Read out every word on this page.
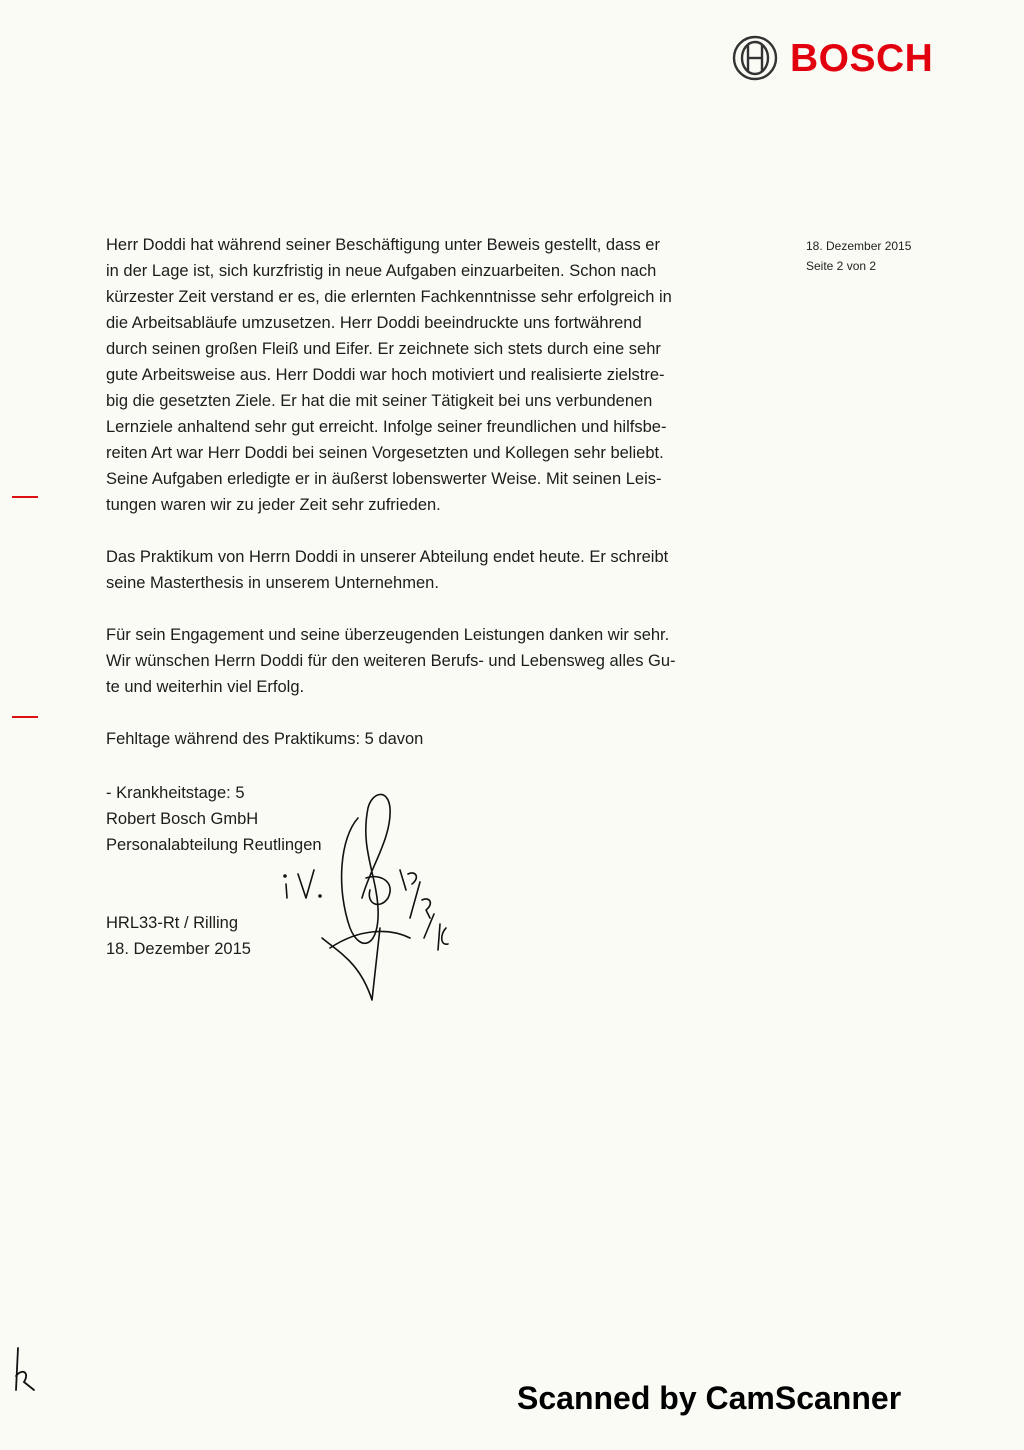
BOSCH
18. Dezember 2015
Seite 2 von 2
Herr Doddi hat während seiner Beschäftigung unter Beweis gestellt, dass er
in der Lage ist, sich kurzfristig in neue Aufgaben einzuarbeiten. Schon nach
kürzester Zeit verstand er es, die erlernten Fachkenntnisse sehr erfolgreich in
die Arbeitsabläufe umzusetzen. Herr Doddi beeindruckte uns fortwährend
durch seinen großen Fleiß und Eifer. Er zeichnete sich stets durch eine sehr
gute Arbeitsweise aus. Herr Doddi war hoch motiviert und realisierte zielstre-
big die gesetzten Ziele. Er hat die mit seiner Tätigkeit bei uns verbundenen
Lernziele anhaltend sehr gut erreicht. Infolge seiner freundlichen und hilfsbe-
reiten Art war Herr Doddi bei seinen Vorgesetzten und Kollegen sehr beliebt.
Seine Aufgaben erledigte er in äußerst lobenswerter Weise. Mit seinen Leis-
tungen waren wir zu jeder Zeit sehr zufrieden.
Das Praktikum von Herrn Doddi in unserer Abteilung endet heute. Er schreibt
seine Masterthesis in unserem Unternehmen.
Für sein Engagement und seine überzeugenden Leistungen danken wir sehr.
Wir wünschen Herrn Doddi für den weiteren Berufs- und Lebensweg alles Gu-
te und weiterhin viel Erfolg.
Fehltage während des Praktikums: 5 davon
- Krankheitstage: 5
Robert Bosch GmbH
Personalabteilung Reutlingen
HRL33-Rt / Rilling
18. Dezember 2015
Scanned by CamScanner
